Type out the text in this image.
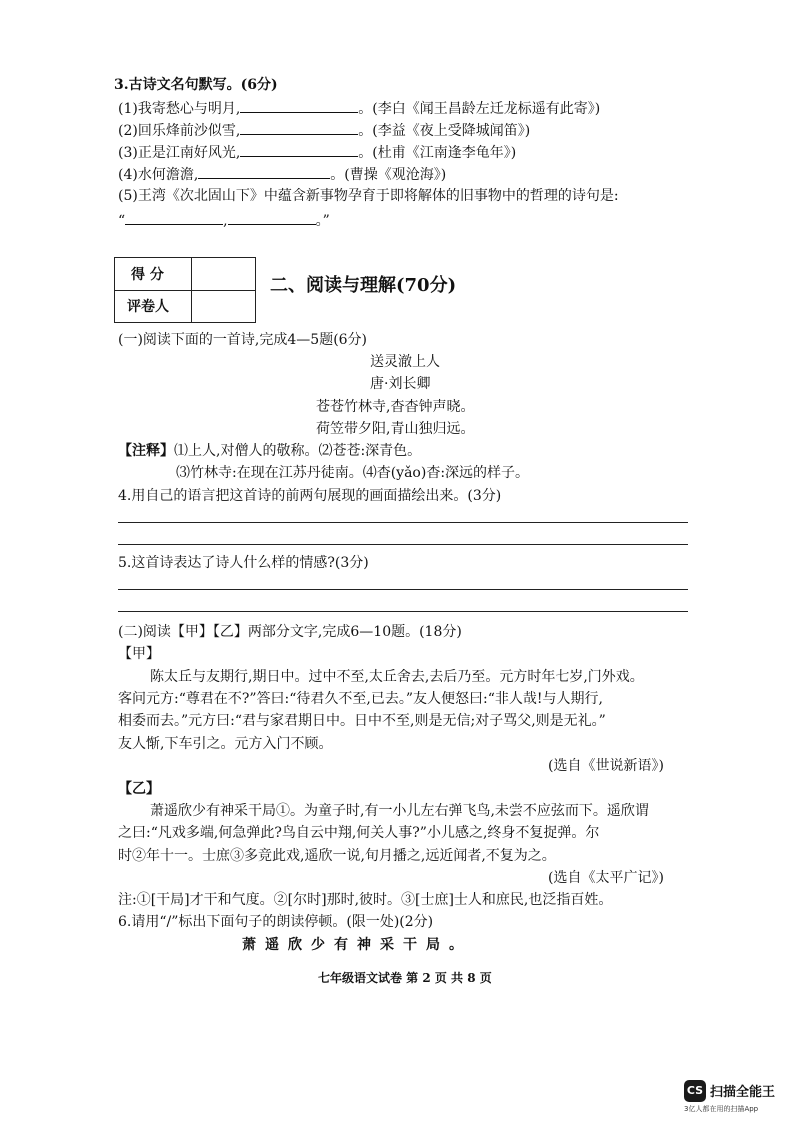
3.古诗文名句默写。(6分)
(1)我寄愁心与明月,	。(李白《闻王昌龄左迁龙标遥有此寄》)
(2)回乐烽前沙似雪,	。(李益《夜上受降城闻笛》)
(3)正是江南好风光,	。(杜甫《江南逢李龟年》)
(4)水何澹澹,	。(曹操《观沧海》)
(5)王湾《次北固山下》中蕴含新事物孕育于即将解体的旧事物中的哲理的诗句是:
“	,	。”
得 分
评卷人
二、阅读与理解(70分)
(一)阅读下面的一首诗,完成4—5题(6分)
送灵澈上人
唐·刘长卿
苍苍竹林寺,杳杳钟声晓。
荷笠带夕阳,青山独归远。
【注释】⑴上人,对僧人的敬称。⑵苍苍:深青色。
⑶竹林寺:在现在江苏丹徒南。⑷杳(yǎo)杳:深远的样子。
4.用自己的语言把这首诗的前两句展现的画面描绘出来。(3分)
5.这首诗表达了诗人什么样的情感?(3分)
(二)阅读【甲】【乙】两部分文字,完成6—10题。(18分)
【甲】
陈太丘与友期行,期日中。过中不至,太丘舍去,去后乃至。元方时年七岁,门外戏。
客问元方:“尊君在不?”答曰:“待君久不至,已去。”友人便怒曰:“非人哉!与人期行,
相委而去。”元方曰:“君与家君期日中。日中不至,则是无信;对子骂父,则是无礼。”
友人惭,下车引之。元方入门不顾。
(选自《世说新语》)
【乙】
萧遥欣少有神采干局①。为童子时,有一小儿左右弹飞鸟,未尝不应弦而下。遥欣谓
之曰:“凡戏多端,何急弹此?鸟自云中翔,何关人事?”小儿感之,终身不复捉弹。尔
时②年十一。士庶③多竞此戏,遥欣一说,旬月播之,远近闻者,不复为之。
(选自《太平广记》)
注:①[干局]才干和气度。②[尔时]那时,彼时。③[士庶]士人和庶民,也泛指百姓。
6.请用“/”标出下面句子的朗读停顿。(限一处)(2分)
萧遥欣少有神采干局。
七年级语文试卷 第 2 页 共 8 页
CS 扫描全能王
3亿人都在用的扫描App
